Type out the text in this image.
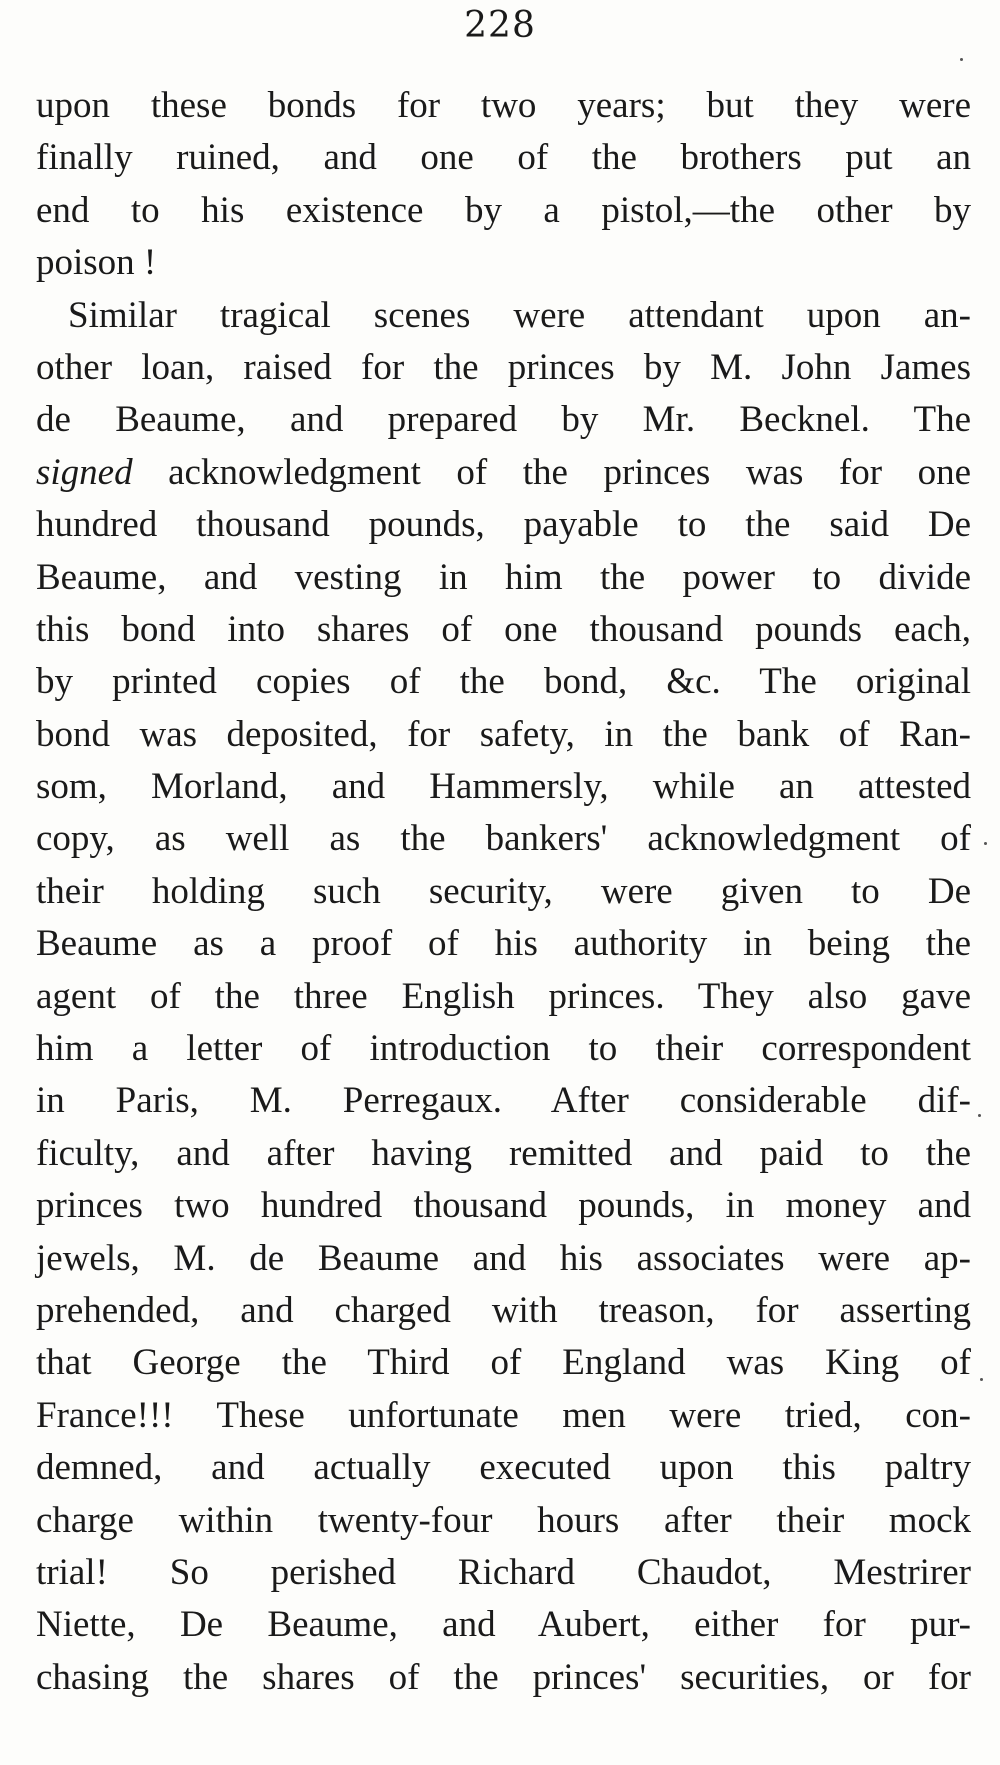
228
upon these bonds for two years; but they were
finally ruined, and one of the brothers put an
end to his existence by a pistol,—the other by
poison !
Similar tragical scenes were attendant upon an-
other loan, raised for the princes by M. John James
de Beaume, and prepared by Mr. Becknel. The
signed acknowledgment of the princes was for one
hundred thousand pounds, payable to the said De
Beaume, and vesting in him the power to divide
this bond into shares of one thousand pounds each,
by printed copies of the bond, &c. The original
bond was deposited, for safety, in the bank of Ran-
som, Morland, and Hammersly, while an attested
copy, as well as the bankers' acknowledgment of
their holding such security, were given to De
Beaume as a proof of his authority in being the
agent of the three English princes. They also gave
him a letter of introduction to their correspondent
in Paris, M. Perregaux. After considerable dif-
ficulty, and after having remitted and paid to the
princes two hundred thousand pounds, in money and
jewels, M. de Beaume and his associates were ap-
prehended, and charged with treason, for asserting
that George the Third of England was King of
France!!! These unfortunate men were tried, con-
demned, and actually executed upon this paltry
charge within twenty-four hours after their mock
trial! So perished Richard Chaudot, Mestrirer
Niette, De Beaume, and Aubert, either for pur-
chasing the shares of the princes' securities, or for
